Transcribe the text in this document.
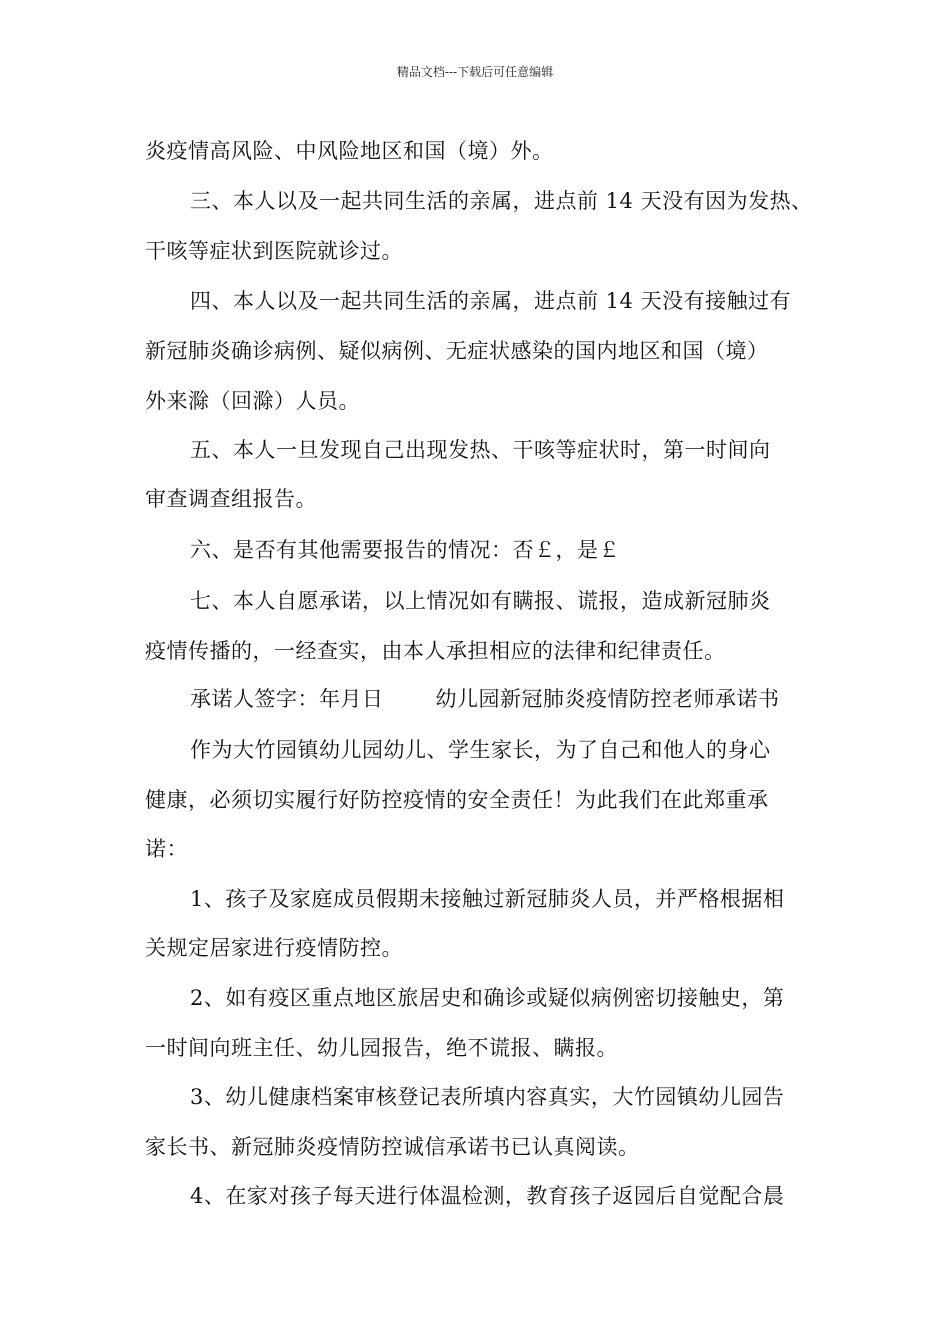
精品文档---下载后可任意编辑
炎疫情高风险、中风险地区和国（境）外。
三、本人以及一起共同生活的亲属，进点前 14 天没有因为发热、
干咳等症状到医院就诊过。
四、本人以及一起共同生活的亲属，进点前 14 天没有接触过有
新冠肺炎确诊病例、疑似病例、无症状感染的国内地区和国（境）
外来滁（回滁）人员。
五、本人一旦发现自己出现发热、干咳等症状时，第一时间向
审查调查组报告。
六、是否有其他需要报告的情况：否￡，是￡
七、本人自愿承诺，以上情况如有瞒报、谎报，造成新冠肺炎
疫情传播的，一经查实，由本人承担相应的法律和纪律责任。
承诺人签字：年月日 幼儿园新冠肺炎疫情防控老师承诺书
作为大竹园镇幼儿园幼儿、学生家长，为了自己和他人的身心
健康，必须切实履行好防控疫情的安全责任！为此我们在此郑重承
诺：
1、孩子及家庭成员假期未接触过新冠肺炎人员，并严格根据相
关规定居家进行疫情防控。
2、如有疫区重点地区旅居史和确诊或疑似病例密切接触史，第
一时间向班主任、幼儿园报告，绝不谎报、瞒报。
3、幼儿健康档案审核登记表所填内容真实，大竹园镇幼儿园告
家长书、新冠肺炎疫情防控诚信承诺书已认真阅读。
4、在家对孩子每天进行体温检测，教育孩子返园后自觉配合晨
